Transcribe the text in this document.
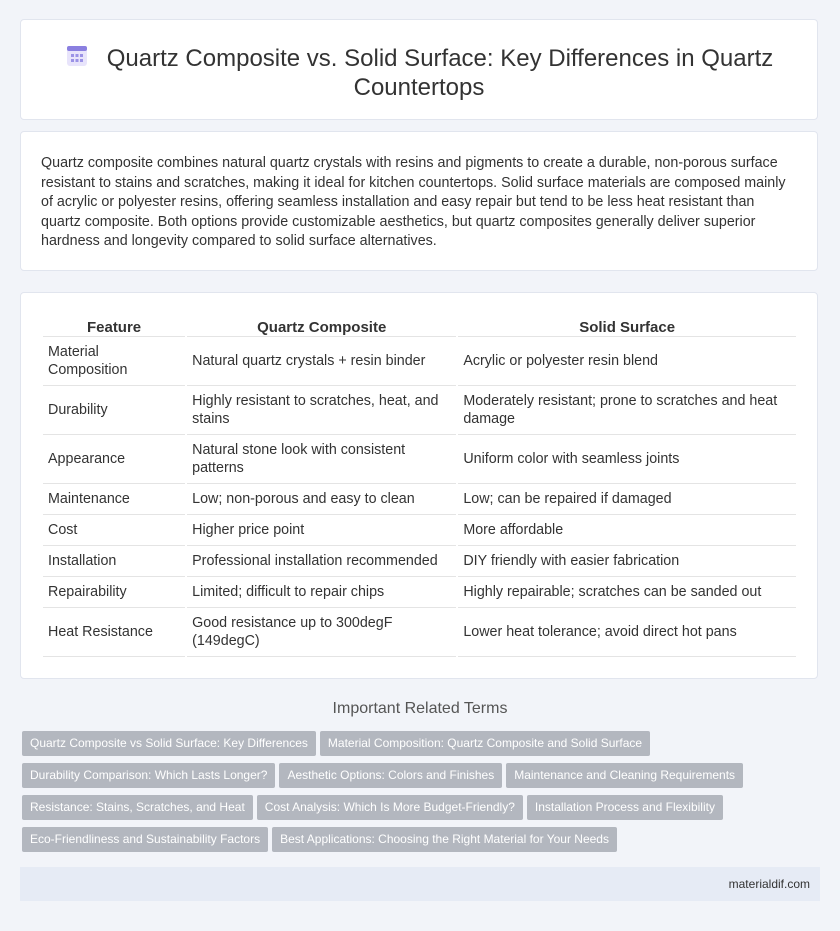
Quartz Composite vs. Solid Surface: Key Differences in Quartz Countertops

Quartz composite combines natural quartz crystals with resins and pigments to create a durable, non-porous surface resistant to stains and scratches, making it ideal for kitchen countertops. Solid surface materials are composed mainly of acrylic or polyester resins, offering seamless installation and easy repair but tend to be less heat resistant than quartz composite. Both options provide customizable aesthetics, but quartz composites generally deliver superior hardness and longevity compared to solid surface alternatives.

Feature	Quartz Composite	Solid Surface
Material Composition	Natural quartz crystals + resin binder	Acrylic or polyester resin blend
Durability	Highly resistant to scratches, heat, and stains	Moderately resistant; prone to scratches and heat damage
Appearance	Natural stone look with consistent patterns	Uniform color with seamless joints
Maintenance	Low; non-porous and easy to clean	Low; can be repaired if damaged
Cost	Higher price point	More affordable
Installation	Professional installation recommended	DIY friendly with easier fabrication
Repairability	Limited; difficult to repair chips	Highly repairable; scratches can be sanded out
Heat Resistance	Good resistance up to 300degF (149degC)	Lower heat tolerance; avoid direct hot pans
Important Related Terms
Quartz Composite vs Solid Surface: Key Differences Material Composition: Quartz Composite and Solid Surface
Durability Comparison: Which Lasts Longer? Aesthetic Options: Colors and Finishes Maintenance and Cleaning Requirements
Resistance: Stains, Scratches, and Heat Cost Analysis: Which Is More Budget-Friendly? Installation Process and Flexibility
Eco-Friendliness and Sustainability Factors Best Applications: Choosing the Right Material for Your Needs
materialdif.com
